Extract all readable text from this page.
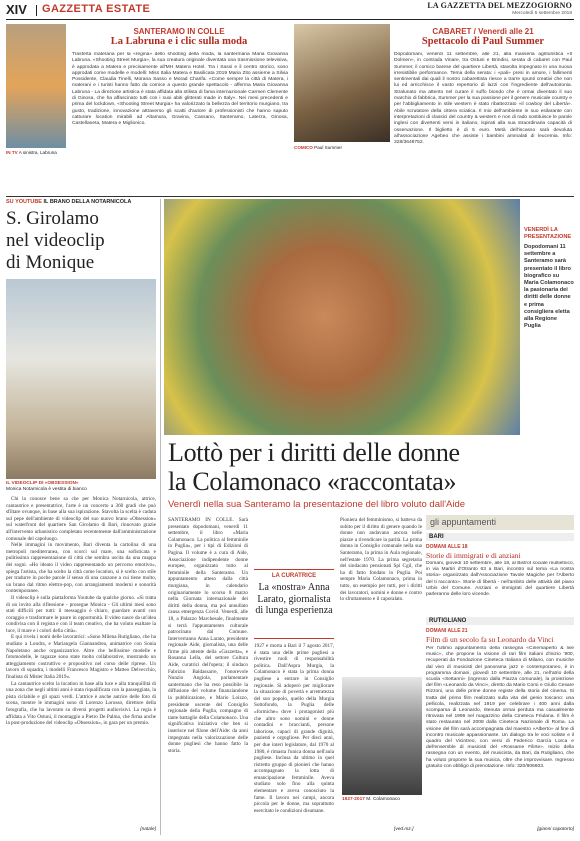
XIV GAZZETTA ESTATE	LA GAZZETTA DEL MEZZOGIORNO
Mercoledì 5 settembre 2018
IN TV A sinistra, Labruna
SANTERAMO IN COLLE
La Labruna e i clic sulla moda
Trasferta materana per la «regina» dello shooting della moda, la santermana Maria Giovanna Labruna. «Shooting Street Murgia», la sua creatura originale diventata una trasmissione televisiva, è approdata a Matera e precisamente all'MH Matera Hotel. Tra i Sassi e il centro storico, sono approdati come modelle e modelli: Miss Italia Matera e Basilicata 2019 Maria Zito assieme a Silvia Possidente, Claudia Tinelli, Morana Sasso e Morad Charifa. «Come sempre la città di Matera, i materani e i turisti hanno fatto da cornice a questo grande spettacolo - afferma Maria Giovanna Labruna - La direzione artistica è stata affidata alla stilista di fama internazionale Carmen Clemente di Ginosa, che ha affascinato tutti con i suoi abiti glitterati made in Italy». Nei mesi precedenti e prima del lockdown, «Shooting Street Murgia» ha valorizzato la bellezza del territorio murgiano, tra gusto, tradizione, innovazione attraverso gli scatti d'autore di professionisti che hanno saputo catturare location mirabili ad Altamura, Gravina, Cassano, Santeramo, Laterza, Ginosa, Castellaneta, Matera e Miglionico.
COMICO Paul Summer
CABARET / Venerdì alle 21
Spettacolo di Paul Summer
Dopodomani, venerdì 11 settembre, alle 21, alla masseria agrituristica «Il Dolmen», in contrada Vinare, tra Ostuni e Brindisi, serata di cabaret con Paul Summer, il comico barese del quartiere Libertà, stavolta impegnato in una nuova irresistibile performance. Tema della serata: i «pali» presi in amore, i fallimenti sentimentali dai quali il nostro cabarettista riesce a trarre spunti creativi che non lui ed arricchisce il vasto repertorio di lazzi con l'ingrediente dell'autoironia. Stralunato ma attento nel curare il suffo biondo che è ormai diventato il suo marchio di fabbrica, Summer per la sua passione per il genere musicale country e per l'abbigliamento in stile western è stato ribattezzato «il cowboy del Libertà». Abile scrutatore della cittera sciatica. Il mio dell'ambiente in suo esilarante con interpretazioni di classici del country & western e non di rado sostituisce le parole inglesi con divertenti versi in italiano, ispirati alla sua straordinaria capacità di osservazione. Il biglietto è di 5 euro. Metà dell'incasso sarà devoluta all'associazione Agebeo che assiste i bambini ammalati di leucemia. Info: 328/3649752.
SU YOUTUBE IL BRANO DELLA NOTARNICOLA
S. Girolamo
nel videoclip
di Monique
IL VIDEOCLIP DI «OBSESSION»
Monica Notarnicola è vestita di bianco

Chi la conosce bene sa che per Monica Notarnicola, attrice, cantautrice e presentatrice, l'arte è un concerto a 360 gradi che può sfiltare ovunque, in base alla sua ispirazione. Stavolta la scelta è caduta sul pepe dell'ambiente di videoclip del suo nuovo brano «Obsession» sul waterfront del quartiere San Girolamo di Bari, rinnovato grazie all'intervento urbanistico completato recentemente dall'amministrazione comunale del capoluogo.

Nelle immagini in movimento, Bari diventa la cartolina di una metropoli mediterranea, con scorci sul mare, una sofisticata e pulitissima rappresentazione di città che sembra uscita da una mappa dei sogni. «Ho ideato il video rappresentando un percorso emotivo», spiega l'artista, che ha scelto la città come location, si è scelto con stile per tradurre in poche parole il senso di una canzone a cui tiene molto, un brano dal ritmo elettro-pop, con arrangiamenti moderni e sonorità contemporanee.

Il videoclip è sulla piattaforma Youtube da qualche giorno. «Si tratta di un invito alla riflessione - prosegue Monica - Gli ultimi mesi sono stati difficili per tutti: il messaggio è chiaro, guardare avanti con coraggio e trasformare le paure in opportunità. Il video nasce da un'idea condivisa con il regista e con il team creativo, che ha voluto esaltare la luce, il mare e i colori della città».

E qui rivela i nomi delle lavoratrici: «Sono Milena Rutigliano, che ha studiato a Londra, e Mariangela Giannandrea, animatrice con Sonia Napoletano anche organizzatrice. Altre che bellissime modelle e fotomodelle, le ragazze sono state molto collaborative, mostrando un atteggiamento costruttivo e propositivo nel corso delle riprese. Un lavoro di squadra, i modelli Francesco Magistro e Matteo Delvecchio, finalista di Mister Italia 2019».

La cantautrice scelto la location in base alla luce e alla tranquillità di una zona che negli ultimi anni è stata riqualificata con la passeggiata, la pista ciclabile e gli spazi verdi. L'attrice è anche autrice delle foto di scena, mentre le immagini sono di Lorenzo Lorusso, direttore della fotografia, che ha lavorato su diversi progetti audiovisivi. La regia è affidata a Vito Ostuni, il montaggio a Pietro De Palma, che firma anche la post-produzione del videoclip «Obsession», in gara per un premio.

[natale]
VENERDÌ LA PRESENTAZIONE
Dopodomani 11 settembre a Santeramo sarà presentato il libro biografico su Maria Colamonaco la pasionaria dei diritti delle donne e prima consigliera eletta alla Regione Puglia
Lottò per i diritti delle donne
la Colamonaco «raccontata»
Venerdì nella sua Santeramo la presentazione del libro voluto dall'Aide
SANTERAMO IN COLLE. Sarà presentato dopodomani, venerdì 11 settembre, il libro «Maria Colamonaco. La politica al femminile in Puglia», per i tipi di Edizioni di Pagina. Il volume è a cura di Aide, Associazione indipendente donne europee, organizzato tutto al femminile della Santeramo. Un appuntamento atteso dalla città murgiana, in calendario originariamente lo scorso 8 marzo nella Giornata internazionale dei diritti della donna, ma poi annullato causa emergenza Covid. Venerdì, alle 18, a Palazzo Marchesale, finalmente si terrà l'appuntamento culturale patrocinato dal Comune. Interverranno Anna Larato, presidente regionale Aide, giornalista, una delle firme più attente della «Gazzetta», e Rosanna Lella, del settore Cultura Aide, curatrici dell'opera; il sindaco Fabrizio Baldassarre, l'onorevole Nunzio Angiola, parlamentare santermano che ha reso possibile la diffusione del volume finanziandone la pubblicazione, e Mario Loizzo, presidente uscente del Consiglio regionale della Puglia, compagno di tante battaglie della Colamonaco. Una significativa iniziativa che ben si inserisce nel filone dell'Aide: da anni impegnata nella valorizzazione delle donne pugliesi che hanno fatto la storia.
LA CURATRICE
La «nostra» Anna Larato, giornalista di lunga esperienza
1927 e morta a Bari il 7 agosto 2017, è stata una delle prime pugliesi a rivestire ruoli di responsabilità politica. Dall'Aspra Murgia, la Colamonaco è stata la prima donna pugliese a entrare in Consiglio regionale. Si adoperò per migliorare la situazione di povertà e arretratezza del suo popolo, quello della Murgia Sottofondo, la Puglia delle «formiche» dove i protagonisti più che altro sono uomini e donne contadini e braccianti, persone laboriose, capaci di grande dignità, pazienti e orgogliose. Per dieci anni, per due interi legislature, dal 1970 al 1980, è rimasta l'unica donna nell'aula pugliese. Inclusa da ultimo in quel ristretto gruppo di pionieri che hanno accompagnato la lotta di emancipazione femminile. Aveva studiato solo fino alla quinta elementare e aveva conosciuto la fame. Il lavoro nei campi, ancora piccola per le donne, ma soprattutto esercitato le condizioni disumane.
Pioniera del femminismo, si batteva da subito per il diritto di genere quando le donne non andavano ancora nelle piazze a rivendicare la parità. La prima donna in Consiglio comunale nella sua Santeramo, la prima in Aula regionale, nell'estate 1970. La prima segretaria del sindacato pensionati Spi Cgil, che ha di fatto fondato in Puglia. Poi sempre Maria Colamonaco, prima in tutto, un esempio per tutti, per i diritti dei lavoratori, uomini e donne e contro lo sfruttamento e il caporalato.
1927-2017 M. Colamonaco
[ved.mz.]
gli appuntamenti
BARI
DOMANI ALLE 18
Storie di immigrati e di anziani
Domani, giovedì 10 settembre, alle 18, al Bistrot sociale multietnico, in via Martiri d'Otranto 63 a Bari, incontro sul tema «La nostra storia» organizzato dall'Associazione Tavole Magiche per l'Alberto del ti racconto». Storie di libertà - nell'ambito delle attività del piano Urbis del Comune. Anziani e immigrati del quartiere Libertà parleranno delle loro vicende.
RUTIGLIANO
DOMANI ALLE 21
Film di un secolo fa su Leonardo da Vinci
Per l'ultimo appuntamento della rassegna «Cinemaperto & live music», che propone la visione di rari film italiani d'inizio '900, recuperati da Fondazione Cineteca Italiana di Milano, con musiche dal vivo di musicisti del panorama jazz e contemporaneo, è in programma domani, giovedì 10 settembre, alle 21, nell'atrio della scuola «Settanni» (ingresso dalla Piazza comunale), la proiezione del film «Leonardo da Vinci», diretto da Mario Corsi e Giulio Cesare Rizzoni, una delle prime donne registe della storia del cinema. Si tratta del primo film realizzato sulla vita del genio toscano: una pellicola, realizzata nel 1919 per celebrare i 400 anni dalla scomparsa di Leonardo, ritenuta ormai perduta ma casualmente ritrovata nel 1996 nel magazzino della Cineteca Friulana. Il film è stato restaurato nel 2008 dalla Cineteca Nazionale di Roma. La visione del film sarà accompagnata dal maestro «Alberto» al fine di incontro musicale appassionante. Un dialogo tra le voci soliste e il quadro del Vicintreo, con versi di Federico García Lorca e dell'ensemble di musicisti del «Rossame Filirte». Inizio della rassegna con un evento, del musicista, da Bari, da Rutigliano, che ha voluto proporre la sua musica, oltre che improvvisare. Ingresso gratuito con obbligo di prenotazione. Info: 320/906603.
[gianni capotorto]
